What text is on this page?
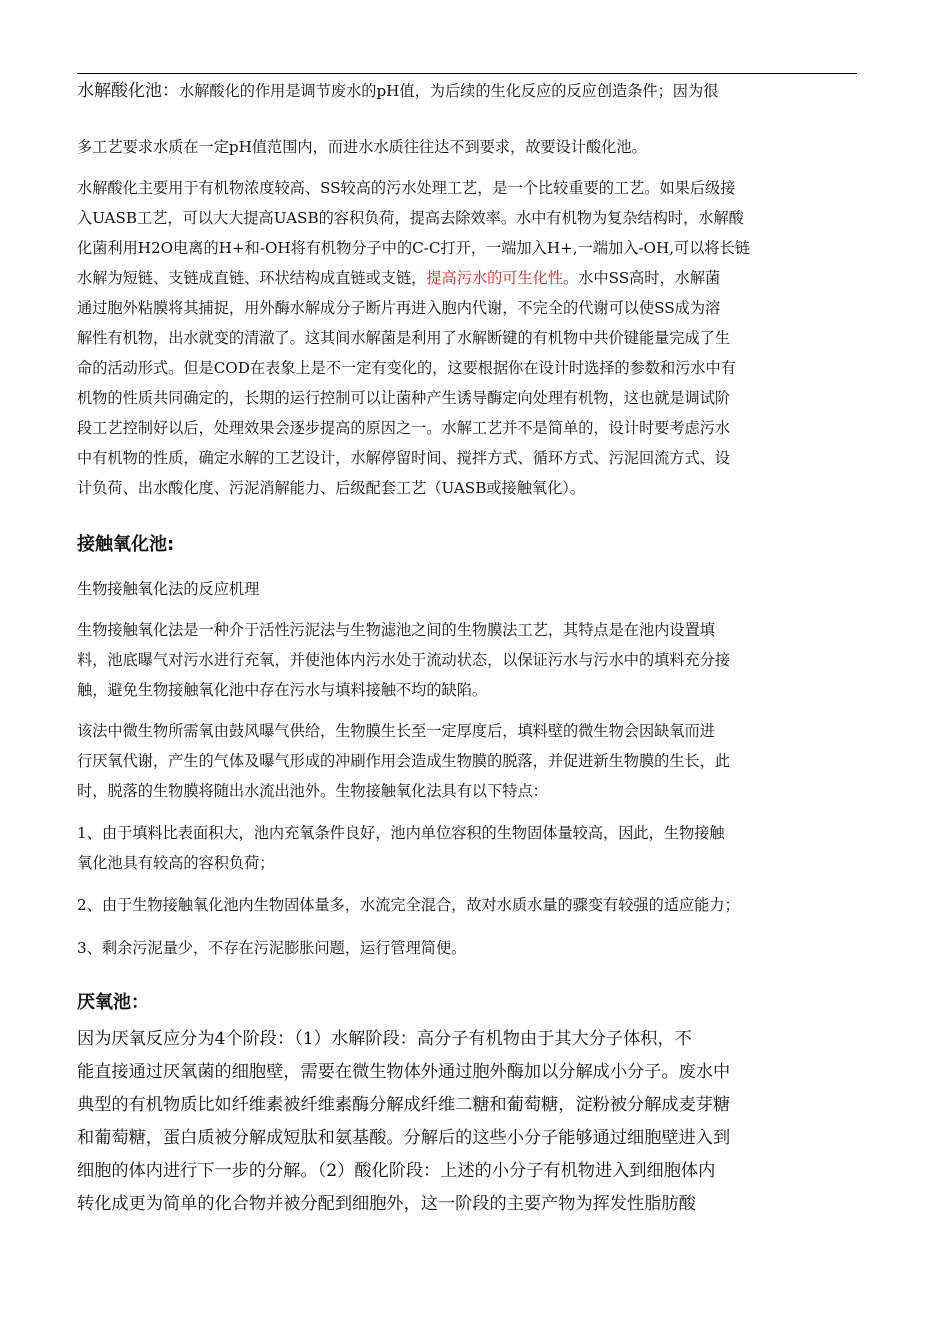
水解酸化池：水解酸化的作用是调节废水的pH值，为后续的生化反应的反应创造条件；因为很
多工艺要求水质在一定pH值范围内，而进水水质往往达不到要求，故要设计酸化池。
水解酸化主要用于有机物浓度较高、SS较高的污水处理工艺，是一个比较重要的工艺。如果后级接
入UASB工艺，可以大大提高UASB的容积负荷，提高去除效率。水中有机物为复杂结构时，水解酸
化菌利用H2O电离的H+和-OH将有机物分子中的C-C打开，一端加入H+,一端加入-OH,可以将长链
水解为短链、支链成直链、环状结构成直链或支链，提高污水的可生化性。水中SS高时，水解菌
通过胞外粘膜将其捕捉，用外酶水解成分子断片再进入胞内代谢，不完全的代谢可以使SS成为溶
解性有机物，出水就变的清澈了。这其间水解菌是利用了水解断键的有机物中共价键能量完成了生
命的活动形式。但是COD在表象上是不一定有变化的，这要根据你在设计时选择的参数和污水中有
机物的性质共同确定的，长期的运行控制可以让菌种产生诱导酶定向处理有机物，这也就是调试阶
段工艺控制好以后，处理效果会逐步提高的原因之一。水解工艺并不是简单的，设计时要考虑污水
中有机物的性质，确定水解的工艺设计，水解停留时间、搅拌方式、循环方式、污泥回流方式、设
计负荷、出水酸化度、污泥消解能力、后级配套工艺（UASB或接触氧化）。
接触氧化池:
生物接触氧化法的反应机理
生物接触氧化法是一种介于活性污泥法与生物滤池之间的生物膜法工艺，其特点是在池内设置填
料，池底曝气对污水进行充氧，并使池体内污水处于流动状态，以保证污水与污水中的填料充分接
触，避免生物接触氧化池中存在污水与填料接触不均的缺陷。
该法中微生物所需氧由鼓风曝气供给，生物膜生长至一定厚度后，填料壁的微生物会因缺氧而进
行厌氧代谢，产生的气体及曝气形成的冲刷作用会造成生物膜的脱落，并促进新生物膜的生长，此
时，脱落的生物膜将随出水流出池外。生物接触氧化法具有以下特点：
1、由于填料比表面积大，池内充氧条件良好，池内单位容积的生物固体量较高，因此，生物接触
氧化池具有较高的容积负荷；
2、由于生物接触氧化池内生物固体量多，水流完全混合，故对水质水量的骤变有较强的适应能力；
3、剩余污泥量少，不存在污泥膨胀问题，运行管理简便。
厌氧池：
因为厌氧反应分为4个阶段：（1）水解阶段：高分子有机物由于其大分子体积，不
能直接通过厌氧菌的细胞壁，需要在微生物体外通过胞外酶加以分解成小分子。废水中
典型的有机物质比如纤维素被纤维素酶分解成纤维二糖和葡萄糖，淀粉被分解成麦芽糖
和葡萄糖，蛋白质被分解成短肽和氨基酸。分解后的这些小分子能够通过细胞壁进入到
细胞的体内进行下一步的分解。（2）酸化阶段：上述的小分子有机物进入到细胞体内
转化成更为简单的化合物并被分配到细胞外，这一阶段的主要产物为挥发性脂肪酸
